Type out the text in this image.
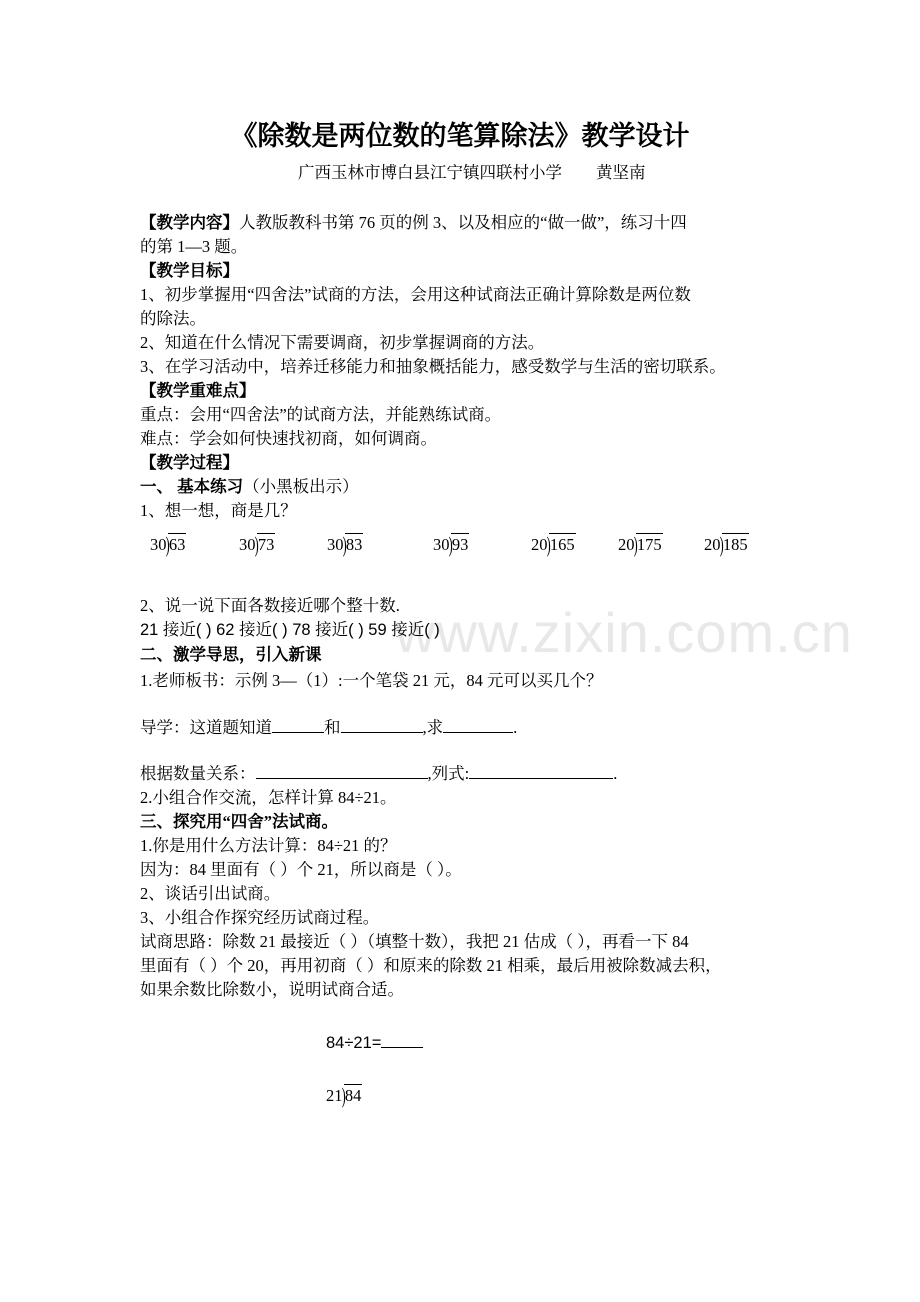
《除数是两位数的笔算除法》教学设计
广西玉林市博白县江宁镇四联村小学 黄坚南
【教学内容】人教版教科书第 76 页的例 3、以及相应的“做一做”，练习十四
的第 1—3 题。
【教学目标】
1、初步掌握用“四舍法”试商的方法，会用这种试商法正确计算除数是两位数
的除法。
2、知道在什么情况下需要调商，初步掌握调商的方法。
3、在学习活动中，培养迁移能力和抽象概括能力，感受数学与生活的密切联系。
【教学重难点】
重点：会用“四舍法”的试商方法，并能熟练试商。
难点：学会如何快速找初商，如何调商。
【教学过程】
一、 基本练习（小黑板出示）
1、想一想，商是几？
30)63	30)73	30)83	30)93	20)165	20)175	20)185
2、说一说下面各数接近哪个整十数.
21 接近( ) 62 接近( ) 78 接近( ) 59 接近( )
www.zixin.com.cn
二、激学导思，引入新课
1.老师板书：示例 3—（1）:一个笔袋 21 元，84 元可以买几个？
导学：这道题知道	和	,求	.
根据数量关系：	,列式:	.
2.小组合作交流，怎样计算 84÷21。
三、探究用“四舍”法试商。
1.你是用什么方法计算：84÷21 的？
因为：84 里面有（ ）个 21，所以商是（ ）。
2、谈话引出试商。
3、小组合作探究经历试商过程。
试商思路：除数 21 最接近（ ）（填整十数），我把 21 估成（ ），再看一下 84
里面有（ ）个 20，再用初商（ ）和原来的除数 21 相乘，最后用被除数减去积，
如果余数比除数小，说明试商合适。
84÷21=
21)84
